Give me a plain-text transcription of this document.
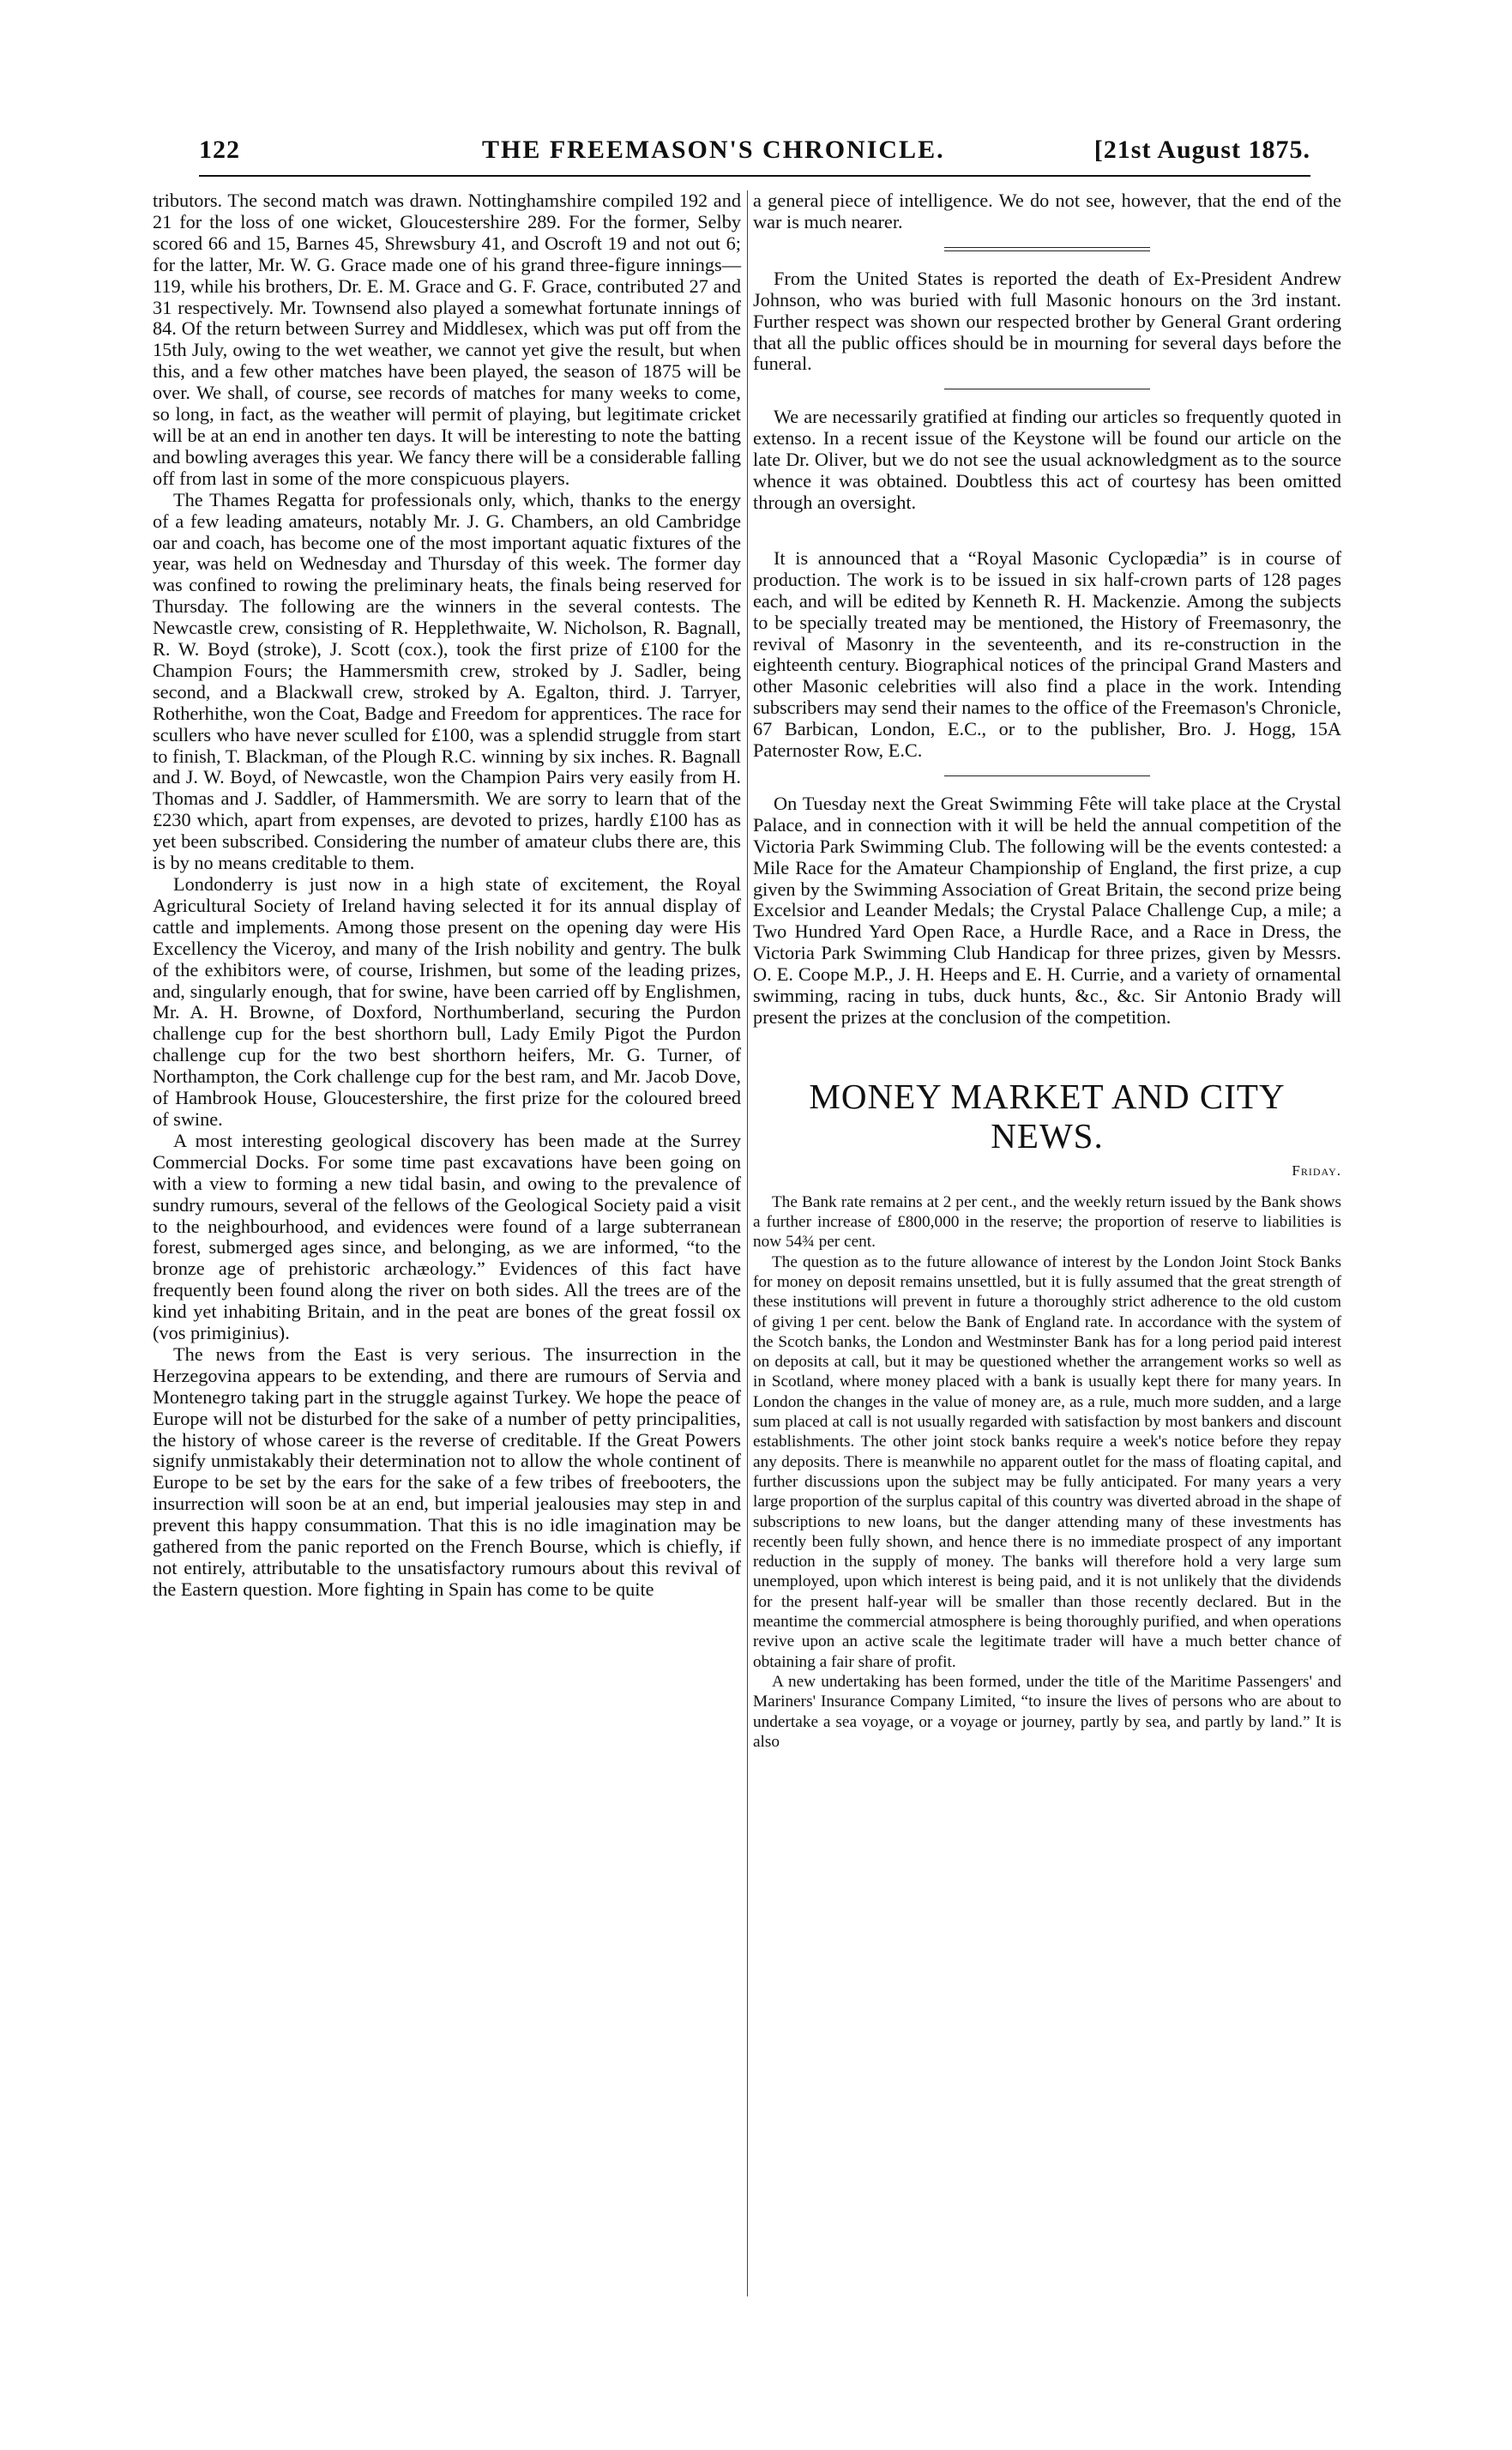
122	THE FREEMASON'S CHRONICLE.	[21st August 1875.

tributors. The second match was drawn. Nottinghamshire compiled 192 and 21 for the loss of one wicket, Gloucestershire 289. For the former, Selby scored 66 and 15, Barnes 45, Shrewsbury 41, and Oscroft 19 and not out 6; for the latter, Mr. W. G. Grace made one of his grand three-figure innings—119, while his brothers, Dr. E. M. Grace and G. F. Grace, contributed 27 and 31 respectively. Mr. Townsend also played a somewhat fortunate innings of 84. Of the return between Surrey and Middlesex, which was put off from the 15th July, owing to the wet weather, we cannot yet give the result, but when this, and a few other matches have been played, the season of 1875 will be over. We shall, of course, see records of matches for many weeks to come, so long, in fact, as the weather will permit of playing, but legitimate cricket will be at an end in another ten days. It will be interesting to note the batting and bowling averages this year. We fancy there will be a considerable falling off from last in some of the more conspicuous players.

The Thames Regatta for professionals only, which, thanks to the energy of a few leading amateurs, notably Mr. J. G. Chambers, an old Cambridge oar and coach, has become one of the most important aquatic fixtures of the year, was held on Wednesday and Thursday of this week. The former day was confined to rowing the preliminary heats, the finals being reserved for Thursday. The following are the winners in the several contests. The Newcastle crew, consisting of R. Hepplethwaite, W. Nicholson, R. Bagnall, R. W. Boyd (stroke), J. Scott (cox.), took the first prize of £100 for the Champion Fours; the Hammersmith crew, stroked by J. Sadler, being second, and a Blackwall crew, stroked by A. Egalton, third. J. Tarryer, Rotherhithe, won the Coat, Badge and Freedom for apprentices. The race for scullers who have never sculled for £100, was a splendid struggle from start to finish, T. Blackman, of the Plough R.C. winning by six inches. R. Bagnall and J. W. Boyd, of Newcastle, won the Champion Pairs very easily from H. Thomas and J. Saddler, of Hammersmith. We are sorry to learn that of the £230 which, apart from expenses, are devoted to prizes, hardly £100 has as yet been subscribed. Considering the number of amateur clubs there are, this is by no means creditable to them.

Londonderry is just now in a high state of excitement, the Royal Agricultural Society of Ireland having selected it for its annual display of cattle and implements. Among those present on the opening day were His Excellency the Viceroy, and many of the Irish nobility and gentry. The bulk of the exhibitors were, of course, Irishmen, but some of the leading prizes, and, singularly enough, that for swine, have been carried off by Englishmen, Mr. A. H. Browne, of Doxford, Northumberland, securing the Purdon challenge cup for the best shorthorn bull, Lady Emily Pigot the Purdon challenge cup for the two best shorthorn heifers, Mr. G. Turner, of Northampton, the Cork challenge cup for the best ram, and Mr. Jacob Dove, of Hambrook House, Gloucestershire, the first prize for the coloured breed of swine.

A most interesting geological discovery has been made at the Surrey Commercial Docks. For some time past excavations have been going on with a view to forming a new tidal basin, and owing to the prevalence of sundry rumours, several of the fellows of the Geological Society paid a visit to the neighbourhood, and evidences were found of a large subterranean forest, submerged ages since, and belonging, as we are informed, “to the bronze age of prehistoric archæology.” Evidences of this fact have frequently been found along the river on both sides. All the trees are of the kind yet inhabiting Britain, and in the peat are bones of the great fossil ox (vos primiginius).

The news from the East is very serious. The insurrection in the Herzegovina appears to be extending, and there are rumours of Servia and Montenegro taking part in the struggle against Turkey. We hope the peace of Europe will not be disturbed for the sake of a number of petty principalities, the history of whose career is the reverse of creditable. If the Great Powers signify unmistakably their determination not to allow the whole continent of Europe to be set by the ears for the sake of a few tribes of freebooters, the insurrection will soon be at an end, but imperial jealousies may step in and prevent this happy consummation. That this is no idle imagination may be gathered from the panic reported on the French Bourse, which is chiefly, if not entirely, attributable to the unsatisfactory rumours about this revival of the Eastern question. More fighting in Spain has come to be quite

a general piece of intelligence. We do not see, however, that the end of the war is much nearer.

From the United States is reported the death of Ex-President Andrew Johnson, who was buried with full Masonic honours on the 3rd instant. Further respect was shown our respected brother by General Grant ordering that all the public offices should be in mourning for several days before the funeral.

We are necessarily gratified at finding our articles so frequently quoted in extenso. In a recent issue of the Keystone will be found our article on the late Dr. Oliver, but we do not see the usual acknowledgment as to the source whence it was obtained. Doubtless this act of courtesy has been omitted through an oversight.

It is announced that a “Royal Masonic Cyclopædia” is in course of production. The work is to be issued in six half-crown parts of 128 pages each, and will be edited by Kenneth R. H. Mackenzie. Among the subjects to be specially treated may be mentioned, the History of Freemasonry, the revival of Masonry in the seventeenth, and its re-construction in the eighteenth century. Biographical notices of the principal Grand Masters and other Masonic celebrities will also find a place in the work. Intending subscribers may send their names to the office of the Freemason's Chronicle, 67 Barbican, London, E.C., or to the publisher, Bro. J. Hogg, 15A Paternoster Row, E.C.

On Tuesday next the Great Swimming Fête will take place at the Crystal Palace, and in connection with it will be held the annual competition of the Victoria Park Swimming Club. The following will be the events contested: a Mile Race for the Amateur Championship of England, the first prize, a cup given by the Swimming Association of Great Britain, the second prize being Excelsior and Leander Medals; the Crystal Palace Challenge Cup, a mile; a Two Hundred Yard Open Race, a Hurdle Race, and a Race in Dress, the Victoria Park Swimming Club Handicap for three prizes, given by Messrs. O. E. Coope M.P., J. H. Heeps and E. H. Currie, and a variety of ornamental swimming, racing in tubs, duck hunts, &c., &c. Sir Antonio Brady will present the prizes at the conclusion of the competition.

MONEY MARKET AND CITY NEWS.
Friday.

The Bank rate remains at 2 per cent., and the weekly return issued by the Bank shows a further increase of £800,000 in the reserve; the proportion of reserve to liabilities is now 54¾ per cent.

The question as to the future allowance of interest by the London Joint Stock Banks for money on deposit remains unsettled, but it is fully assumed that the great strength of these institutions will prevent in future a thoroughly strict adherence to the old custom of giving 1 per cent. below the Bank of England rate. In accordance with the system of the Scotch banks, the London and Westminster Bank has for a long period paid interest on deposits at call, but it may be questioned whether the arrangement works so well as in Scotland, where money placed with a bank is usually kept there for many years. In London the changes in the value of money are, as a rule, much more sudden, and a large sum placed at call is not usually regarded with satisfaction by most bankers and discount establishments. The other joint stock banks require a week's notice before they repay any deposits. There is meanwhile no apparent outlet for the mass of floating capital, and further discussions upon the subject may be fully anticipated. For many years a very large proportion of the surplus capital of this country was diverted abroad in the shape of subscriptions to new loans, but the danger attending many of these investments has recently been fully shown, and hence there is no immediate prospect of any important reduction in the supply of money. The banks will therefore hold a very large sum unemployed, upon which interest is being paid, and it is not unlikely that the dividends for the present half-year will be smaller than those recently declared. But in the meantime the commercial atmosphere is being thoroughly purified, and when operations revive upon an active scale the legitimate trader will have a much better chance of obtaining a fair share of profit.

A new undertaking has been formed, under the title of the Maritime Passengers' and Mariners' Insurance Company Limited, “to insure the lives of persons who are about to undertake a sea voyage, or a voyage or journey, partly by sea, and partly by land.” It is also
